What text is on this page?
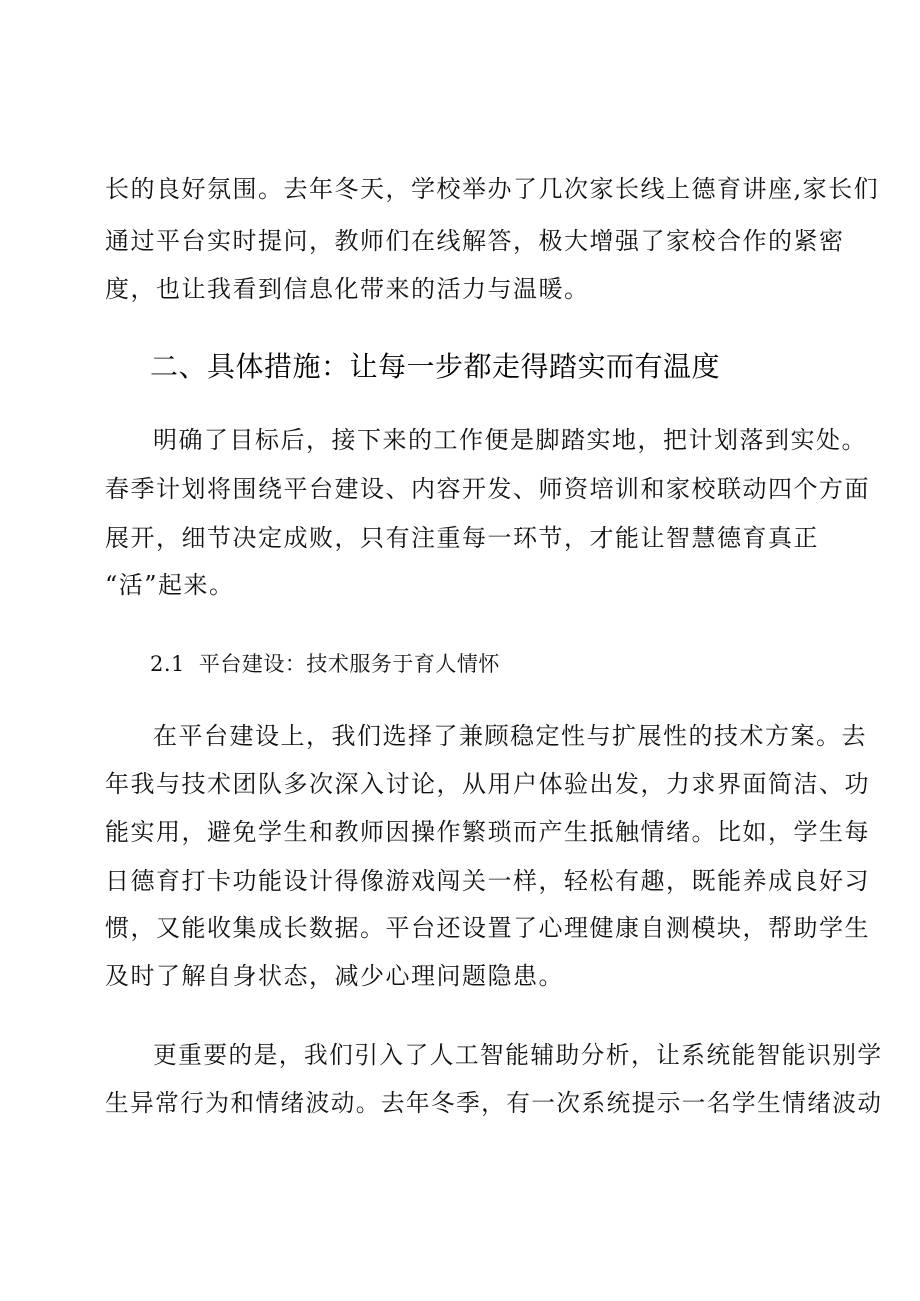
长的良好氛围。去年冬天，学校举办了几次家长线上德育讲座,家长们
通过平台实时提问，教师们在线解答，极大增强了家校合作的紧密
度，也让我看到信息化带来的活力与温暖。
二、具体措施：让每一步都走得踏实而有温度
明确了目标后，接下来的工作便是脚踏实地，把计划落到实处。
春季计划将围绕平台建设、内容开发、师资培训和家校联动四个方面
展开，细节决定成败，只有注重每一环节，才能让智慧德育真正
“活”起来。
2.1 平台建设：技术服务于育人情怀
在平台建设上，我们选择了兼顾稳定性与扩展性的技术方案。去
年我与技术团队多次深入讨论，从用户体验出发，力求界面简洁、功
能实用，避免学生和教师因操作繁琐而产生抵触情绪。比如，学生每
日德育打卡功能设计得像游戏闯关一样，轻松有趣，既能养成良好习
惯，又能收集成长数据。平台还设置了心理健康自测模块，帮助学生
及时了解自身状态，减少心理问题隐患。
更重要的是，我们引入了人工智能辅助分析，让系统能智能识别学
生异常行为和情绪波动。去年冬季，有一次系统提示一名学生情绪波动
